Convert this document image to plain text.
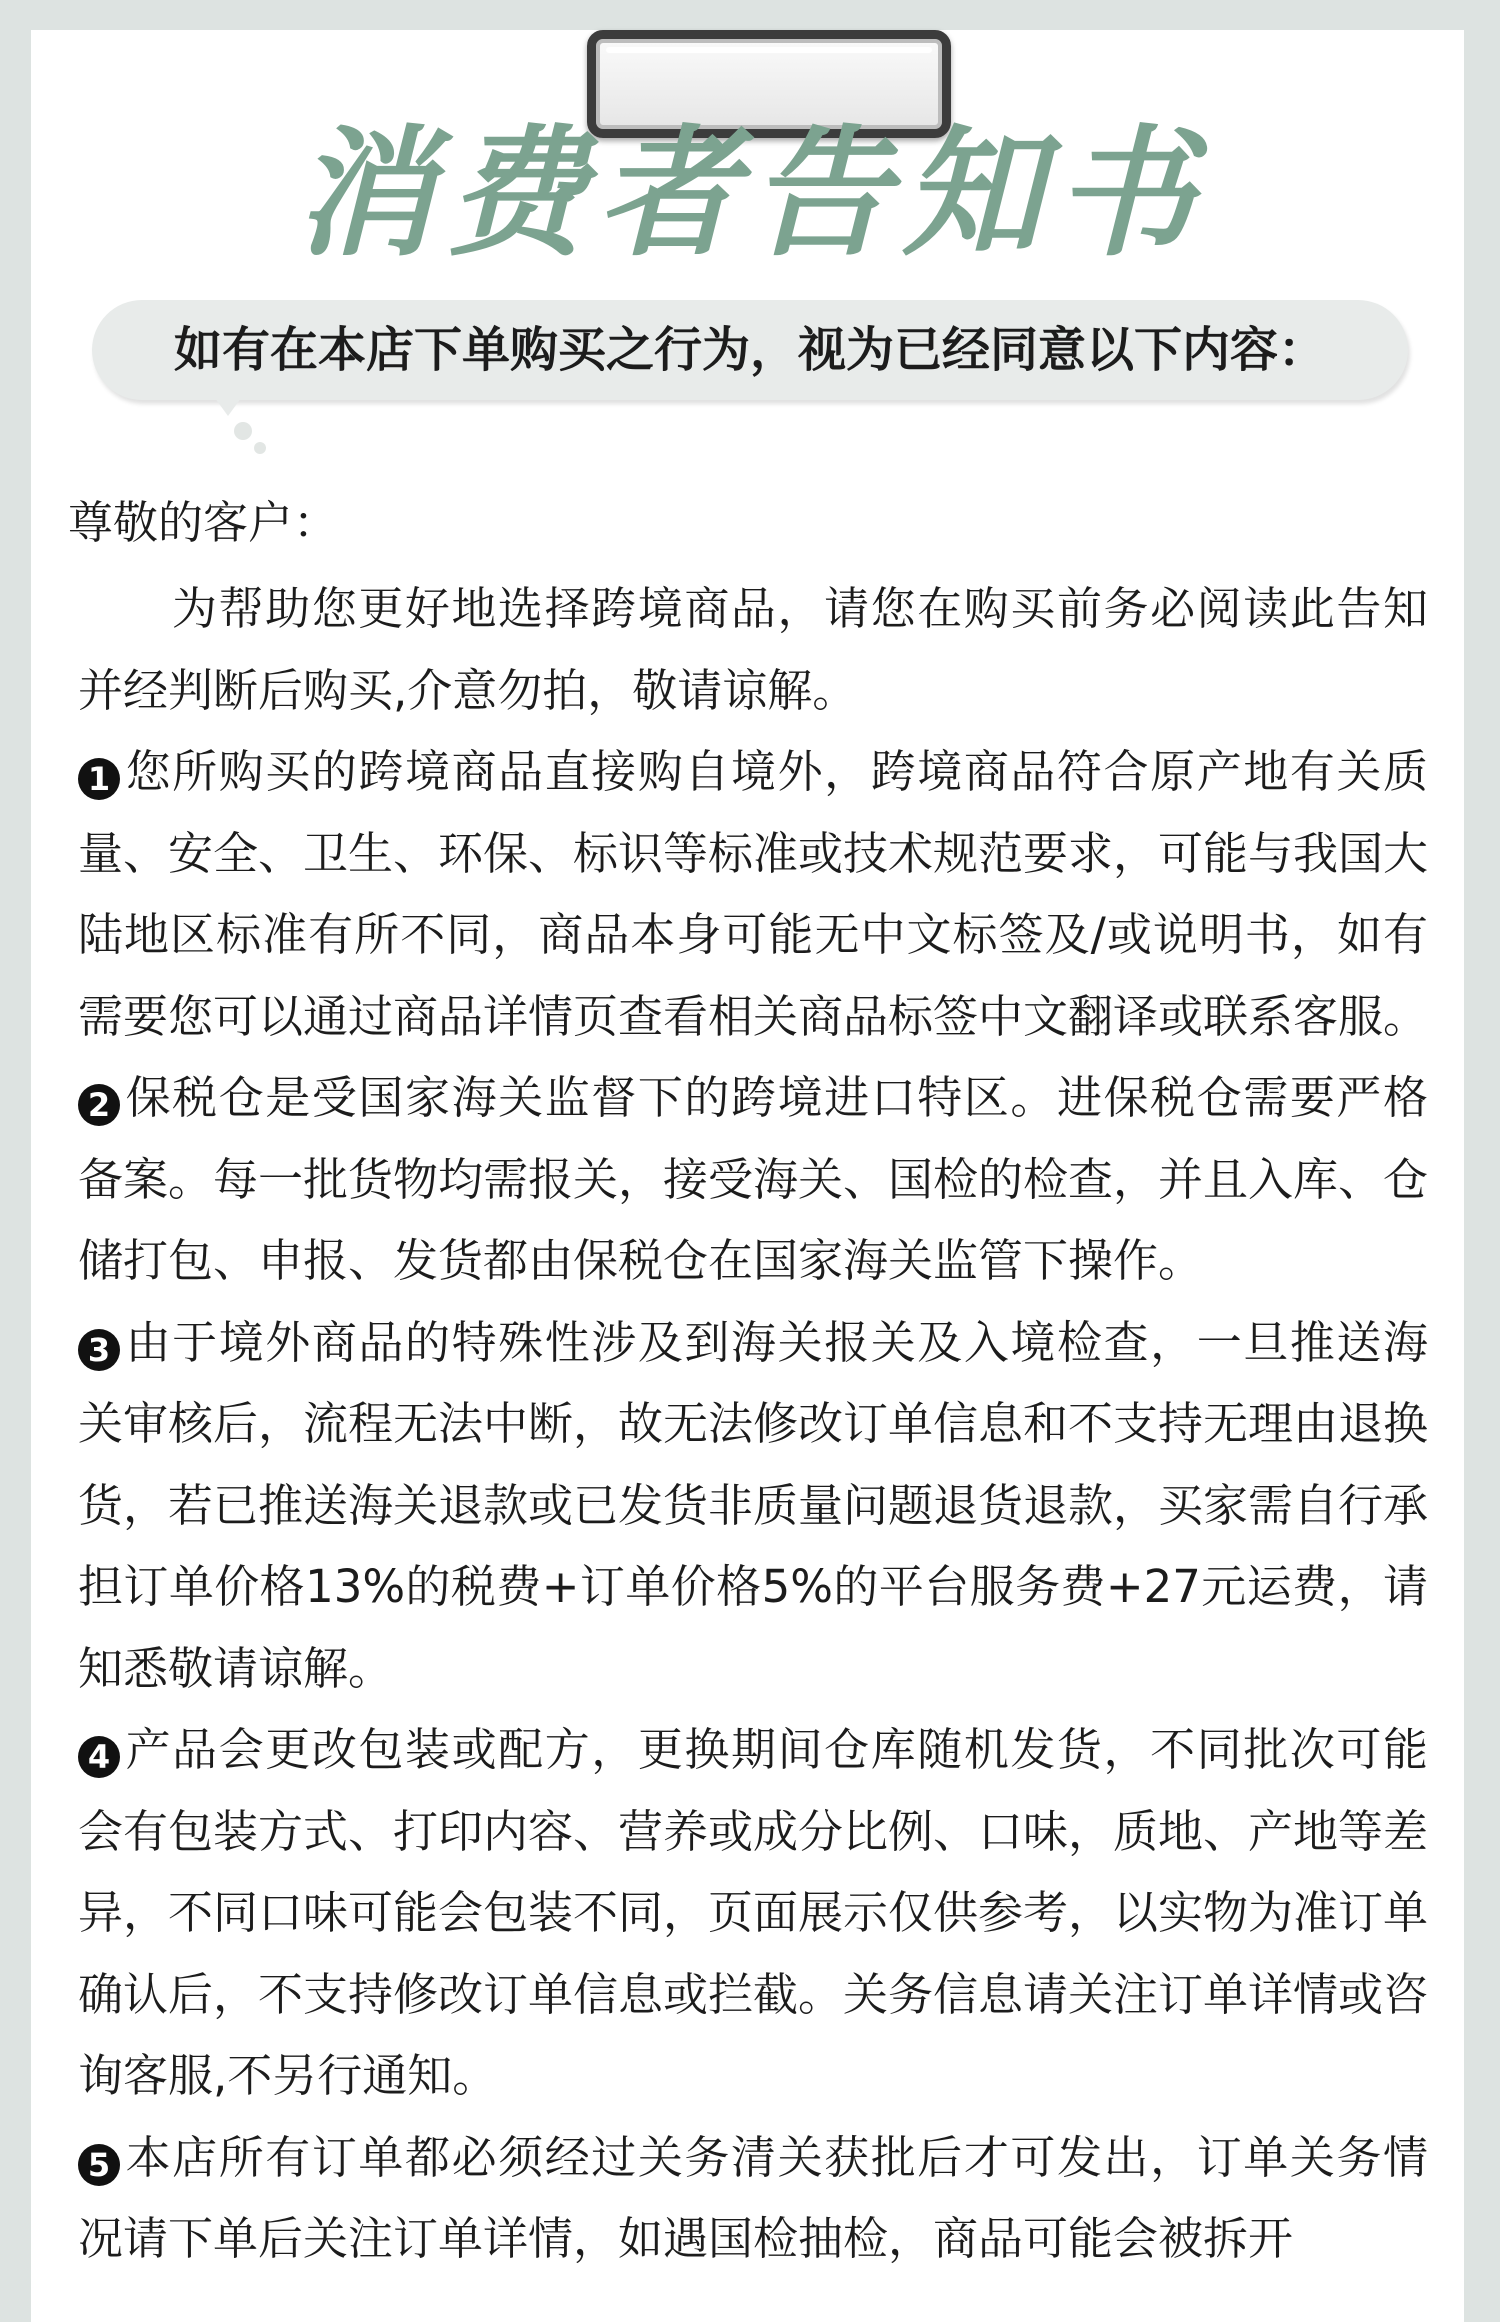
消费者告知书
如有在本店下单购买之行为，视为已经同意以下内容：
尊敬的客户：
为帮助您更好地选择跨境商品，请您在购买前务必阅读此告知并经判断后购买,介意勿拍，敬请谅解。
1 您所购买的跨境商品直接购自境外，跨境商品符合原产地有关质量、安全、卫生、环保、标识等标准或技术规范要求，可能与我国大陆地区标准有所不同，商品本身可能无中文标签及/或说明书，如有需要您可以通过商品详情页查看相关商品标签中文翻译或联系客服。
2 保税仓是受国家海关监督下的跨境进口特区。进保税仓需要严格备案。每一批货物均需报关，接受海关、国检的检查，并且入库、仓储打包、申报、发货都由保税仓在国家海关监管下操作。
3 由于境外商品的特殊性涉及到海关报关及入境检查，一旦推送海关审核后，流程无法中断，故无法修改订单信息和不支持无理由退换货，若已推送海关退款或已发货非质量问题退货退款，买家需自行承担订单价格13%的税费+订单价格5%的平台服务费+27元运费，请知悉敬请谅解。
4 产品会更改包装或配方，更换期间仓库随机发货，不同批次可能会有包装方式、打印内容、营养或成分比例、口味，质地、产地等差异，不同口味可能会包装不同，页面展示仅供参考，以实物为准订单确认后，不支持修改订单信息或拦截。关务信息请关注订单详情或咨询客服,不另行通知。
5 本店所有订单都必须经过关务清关获批后才可发出，订单关务情况请下单后关注订单详情，如遇国检抽检，商品可能会被拆开
